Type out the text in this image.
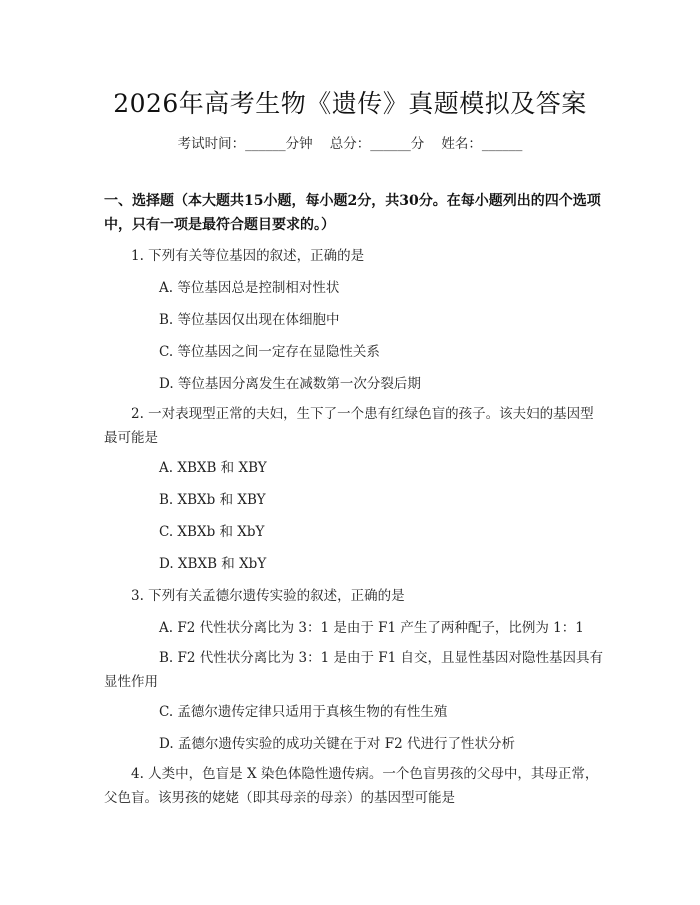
2026年高考生物《遗传》真题模拟及答案
考试时间：______分钟    总分：______分    姓名：______
一、选择题（本大题共15小题，每小题2分，共30分。在每小题列出的四个选项中，只有一项是最符合题目要求的。）
1. 下列有关等位基因的叙述，正确的是
A. 等位基因总是控制相对性状
B. 等位基因仅出现在体细胞中
C. 等位基因之间一定存在显隐性关系
D. 等位基因分离发生在减数第一次分裂后期
2. 一对表现型正常的夫妇，生下了一个患有红绿色盲的孩子。该夫妇的基因型最可能是
A. XBXB 和 XBY
B. XBXb 和 XBY
C. XBXb 和 XbY
D. XBXB 和 XbY
3. 下列有关孟德尔遗传实验的叙述，正确的是
A. F2 代性状分离比为 3：1 是由于 F1 产生了两种配子，比例为 1：1
B. F2 代性状分离比为 3：1 是由于 F1 自交，且显性基因对隐性基因具有显性作用
C. 孟德尔遗传定律只适用于真核生物的有性生殖
D. 孟德尔遗传实验的成功关键在于对 F2 代进行了性状分析
4. 人类中，色盲是 X 染色体隐性遗传病。一个色盲男孩的父母中，其母正常，父色盲。该男孩的姥姥（即其母亲的母亲）的基因型可能是
